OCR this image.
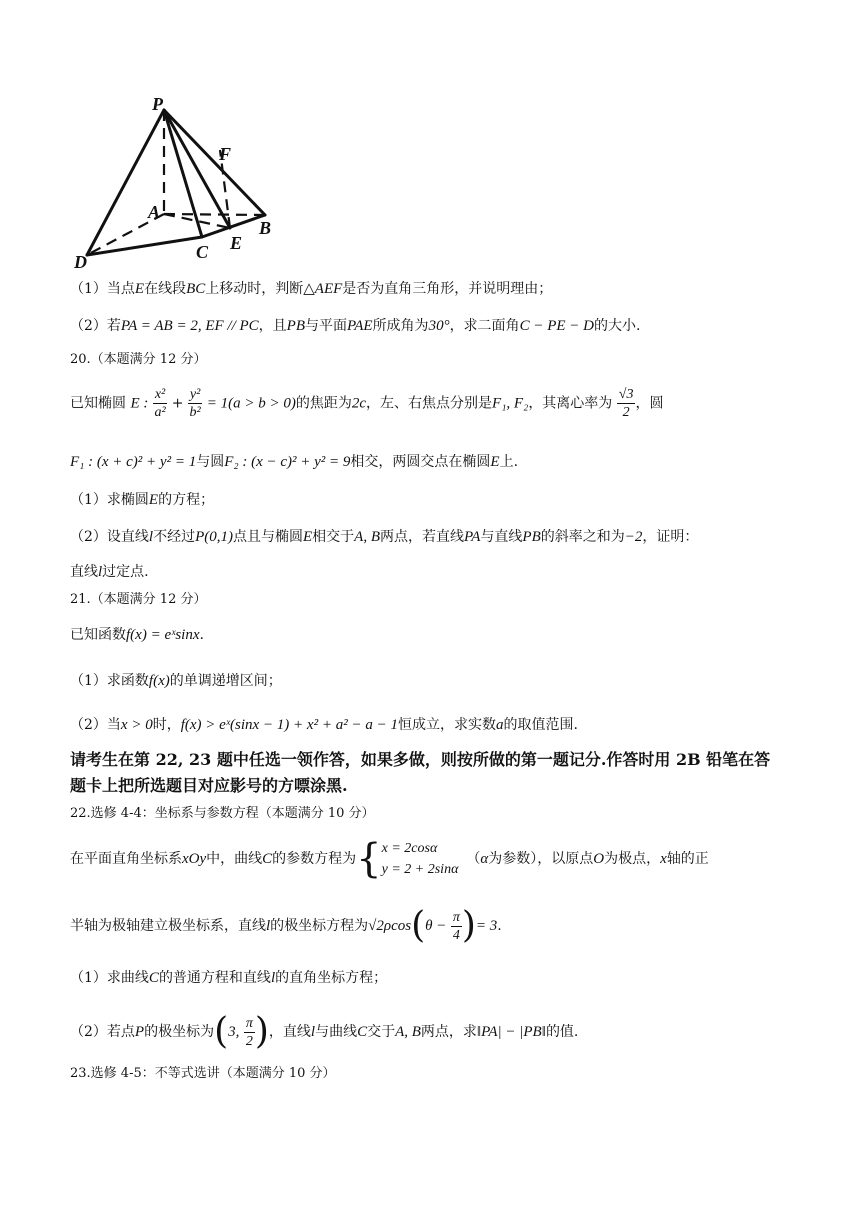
P
F
A
B
E
C
D
（1）当点E在线段BC上移动时，判断△AEF是否为直角三角形，并说明理由；
（2）若PA = AB = 2, EF // PC，且PB与平面PAE所成角为30°，求二面角C − PE − D的大小.
20.（本题满分 12 分）
已知椭圆 E : $\frac{\text{x²}}{\text{a²}} + \frac{\text{y²}}{\text{b²}} = 1(a > b > 0)$的焦距为2c，左、右焦点分别是F₁, F₂，其离心率为 $\frac{√3}{2}$ ，圆
F₁ : (x + c)² + y² = 1与圆F₂ : (x − c)² + y² = 9相交，两圆交点在椭圆E上.
（1）求椭圆E的方程；
（2）设直线l不经过P(0,1)点且与椭圆E相交于A, B两点，若直线PA与直线PB的斜率之和为−2，证明：
直线l过定点.
21.（本题满分 12 分）
已知函数f(x) = eˣsinx.
（1）求函数f(x)的单调递增区间；
（2）当x > 0时，f(x) > eˣ(sinx − 1) + x² + a² − a − 1恒成立，求实数a的取值范围.
请考生在第 22, 23 题中任选一领作答，如果多做，则按所做的第一题记分.作答时用 2B 铅笔在答
题卡上把所选题目对应影号的方嘌涂黑.
22.选修 4-4：坐标系与参数方程（本题满分 10 分）
在平面直角坐标系xOy中，曲线C的参数方程为{ x = 2cosα
y = 2 + 2sinα
（α为参数），以原点O为极点，x轴的正
半轴为极轴建立极坐标系，直线l的极坐标方程为$√2\rho\cos(\theta - \frac{\pi}{4}$ )= 3.
（1）求曲线C的普通方程和直线l的直角坐标方程；
（2）若点P的极坐标为(3, $\frac{\pi}{2}$ )，直线l与曲线C交于A, B两点，求‖PA| − |PB‖的值.
23.选修 4-5：不等式选讲（本题满分 10 分）
